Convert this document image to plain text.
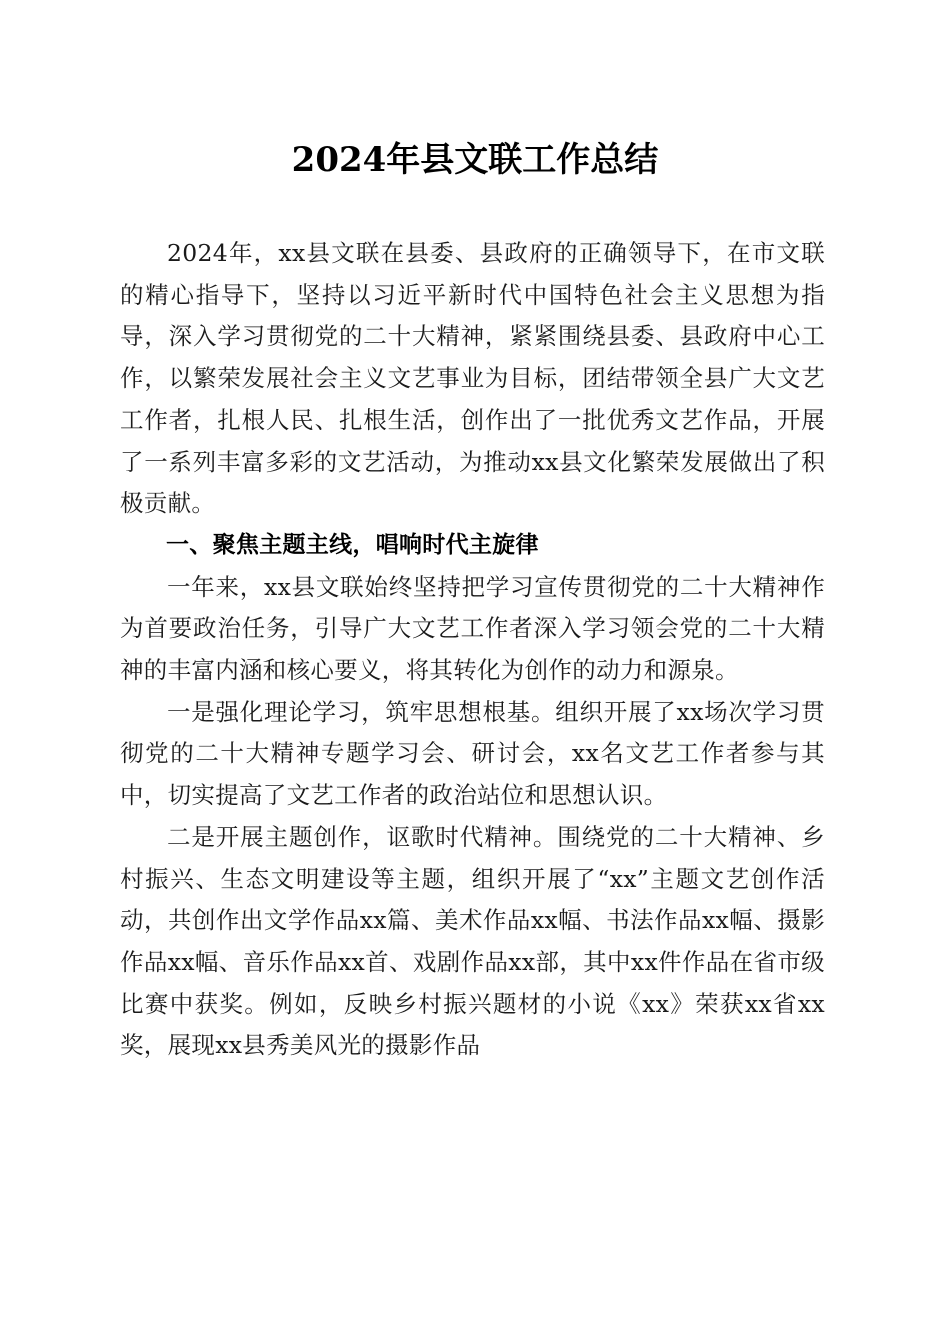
2024年县文联工作总结

2024年，xx县文联在县委、县政府的正确领导下，在市文联的精心指导下，坚持以习近平新时代中国特色社会主义思想为指导，深入学习贯彻党的二十大精神，紧紧围绕县委、县政府中心工作，以繁荣发展社会主义文艺事业为目标，团结带领全县广大文艺工作者，扎根人民、扎根生活，创作出了一批优秀文艺作品，开展了一系列丰富多彩的文艺活动，为推动xx县文化繁荣发展做出了积极贡献。

一、聚焦主题主线，唱响时代主旋律

一年来，xx县文联始终坚持把学习宣传贯彻党的二十大精神作为首要政治任务，引导广大文艺工作者深入学习领会党的二十大精神的丰富内涵和核心要义，将其转化为创作的动力和源泉。

一是强化理论学习，筑牢思想根基。组织开展了xx场次学习贯彻党的二十大精神专题学习会、研讨会，xx名文艺工作者参与其中，切实提高了文艺工作者的政治站位和思想认识。

二是开展主题创作，讴歌时代精神。围绕党的二十大精神、乡村振兴、生态文明建设等主题，组织开展了“xx”主题文艺创作活动，共创作出文学作品xx篇、美术作品xx幅、书法作品xx幅、摄影作品xx幅、音乐作品xx首、戏剧作品xx部，其中xx件作品在省市级比赛中获奖。例如，反映乡村振兴题材的小说《xx》荣获xx省xx奖，展现xx县秀美风光的摄影作品
